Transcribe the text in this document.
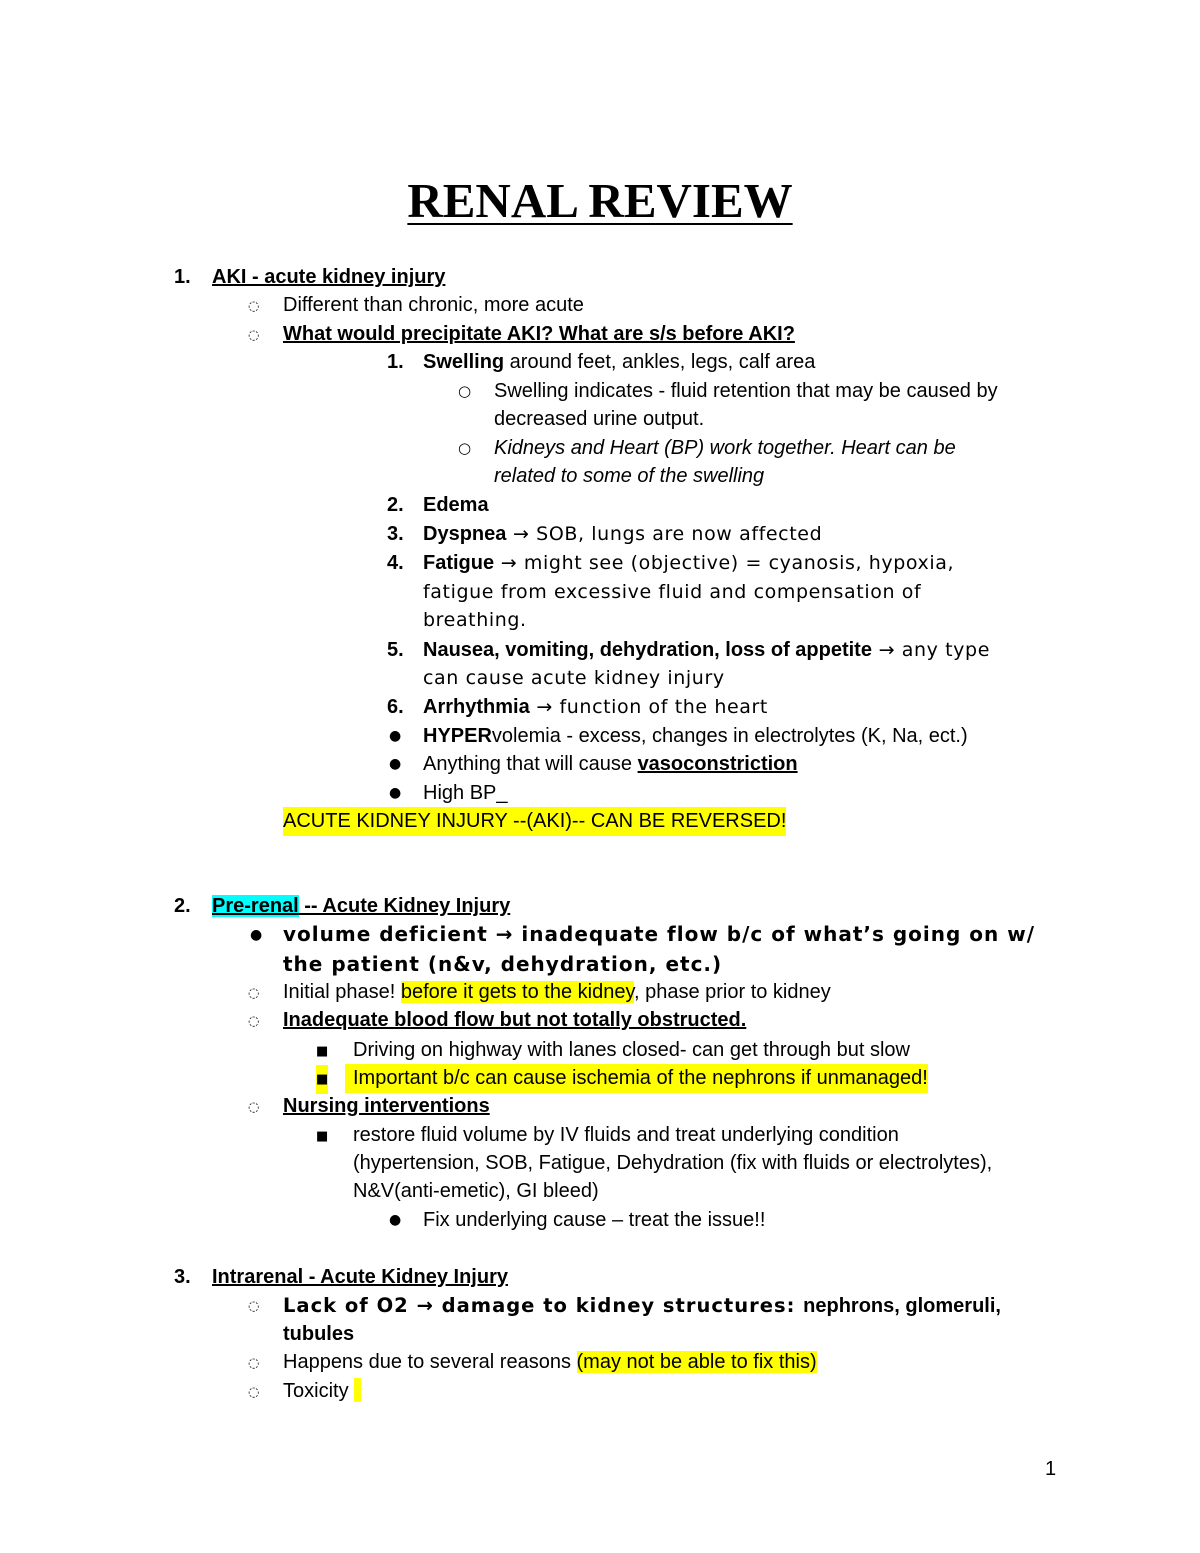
RENAL REVIEW
1. AKI - acute kidney injury
◌ Different than chronic, more acute
◌ What would precipitate AKI? What are s/s before AKI?
1. Swelling around feet, ankles, legs, calf area
○ Swelling indicates - fluid retention that may be caused by
decreased urine output.
○ Kidneys and Heart (BP) work together. Heart can be
related to some of the swelling
2. Edema
3. Dyspnea → SOB, lungs are now affected
4. Fatigue → might see (objective) = cyanosis, hypoxia,
fatigue from excessive fluid and compensation of
breathing.
5. Nausea, vomiting, dehydration, loss of appetite → any type
can cause acute kidney injury
6. Arrhythmia → function of the heart
● HYPERvolemia - excess, changes in electrolytes (K, Na, ect.)
● Anything that will cause vasoconstriction
● High BP_
ACUTE KIDNEY INJURY --(AKI)-- CAN BE REVERSED!
2. Pre-renal -- Acute Kidney Injury
● volume deficient → inadequate flow b/c of what’s going on w/
the patient (n&v, dehydration, etc.)
◌ Initial phase! before it gets to the kidney, phase prior to kidney
◌ Inadequate blood flow but not totally obstructed.
■ Driving on highway with lanes closed- can get through but slow
■	Important b/c can cause ischemia of the nephrons if unmanaged!
◌ Nursing interventions
■ restore fluid volume by IV fluids and treat underlying condition
(hypertension, SOB, Fatigue, Dehydration (fix with fluids or electrolytes),
N&V(anti-emetic), GI bleed)
● Fix underlying cause – treat the issue!!
3. Intrarenal - Acute Kidney Injury
◌ Lack of O2 → damage to kidney structures: nephrons, glomeruli,
tubules
◌ Happens due to several reasons (may not be able to fix this)
◌ Toxicity
1
